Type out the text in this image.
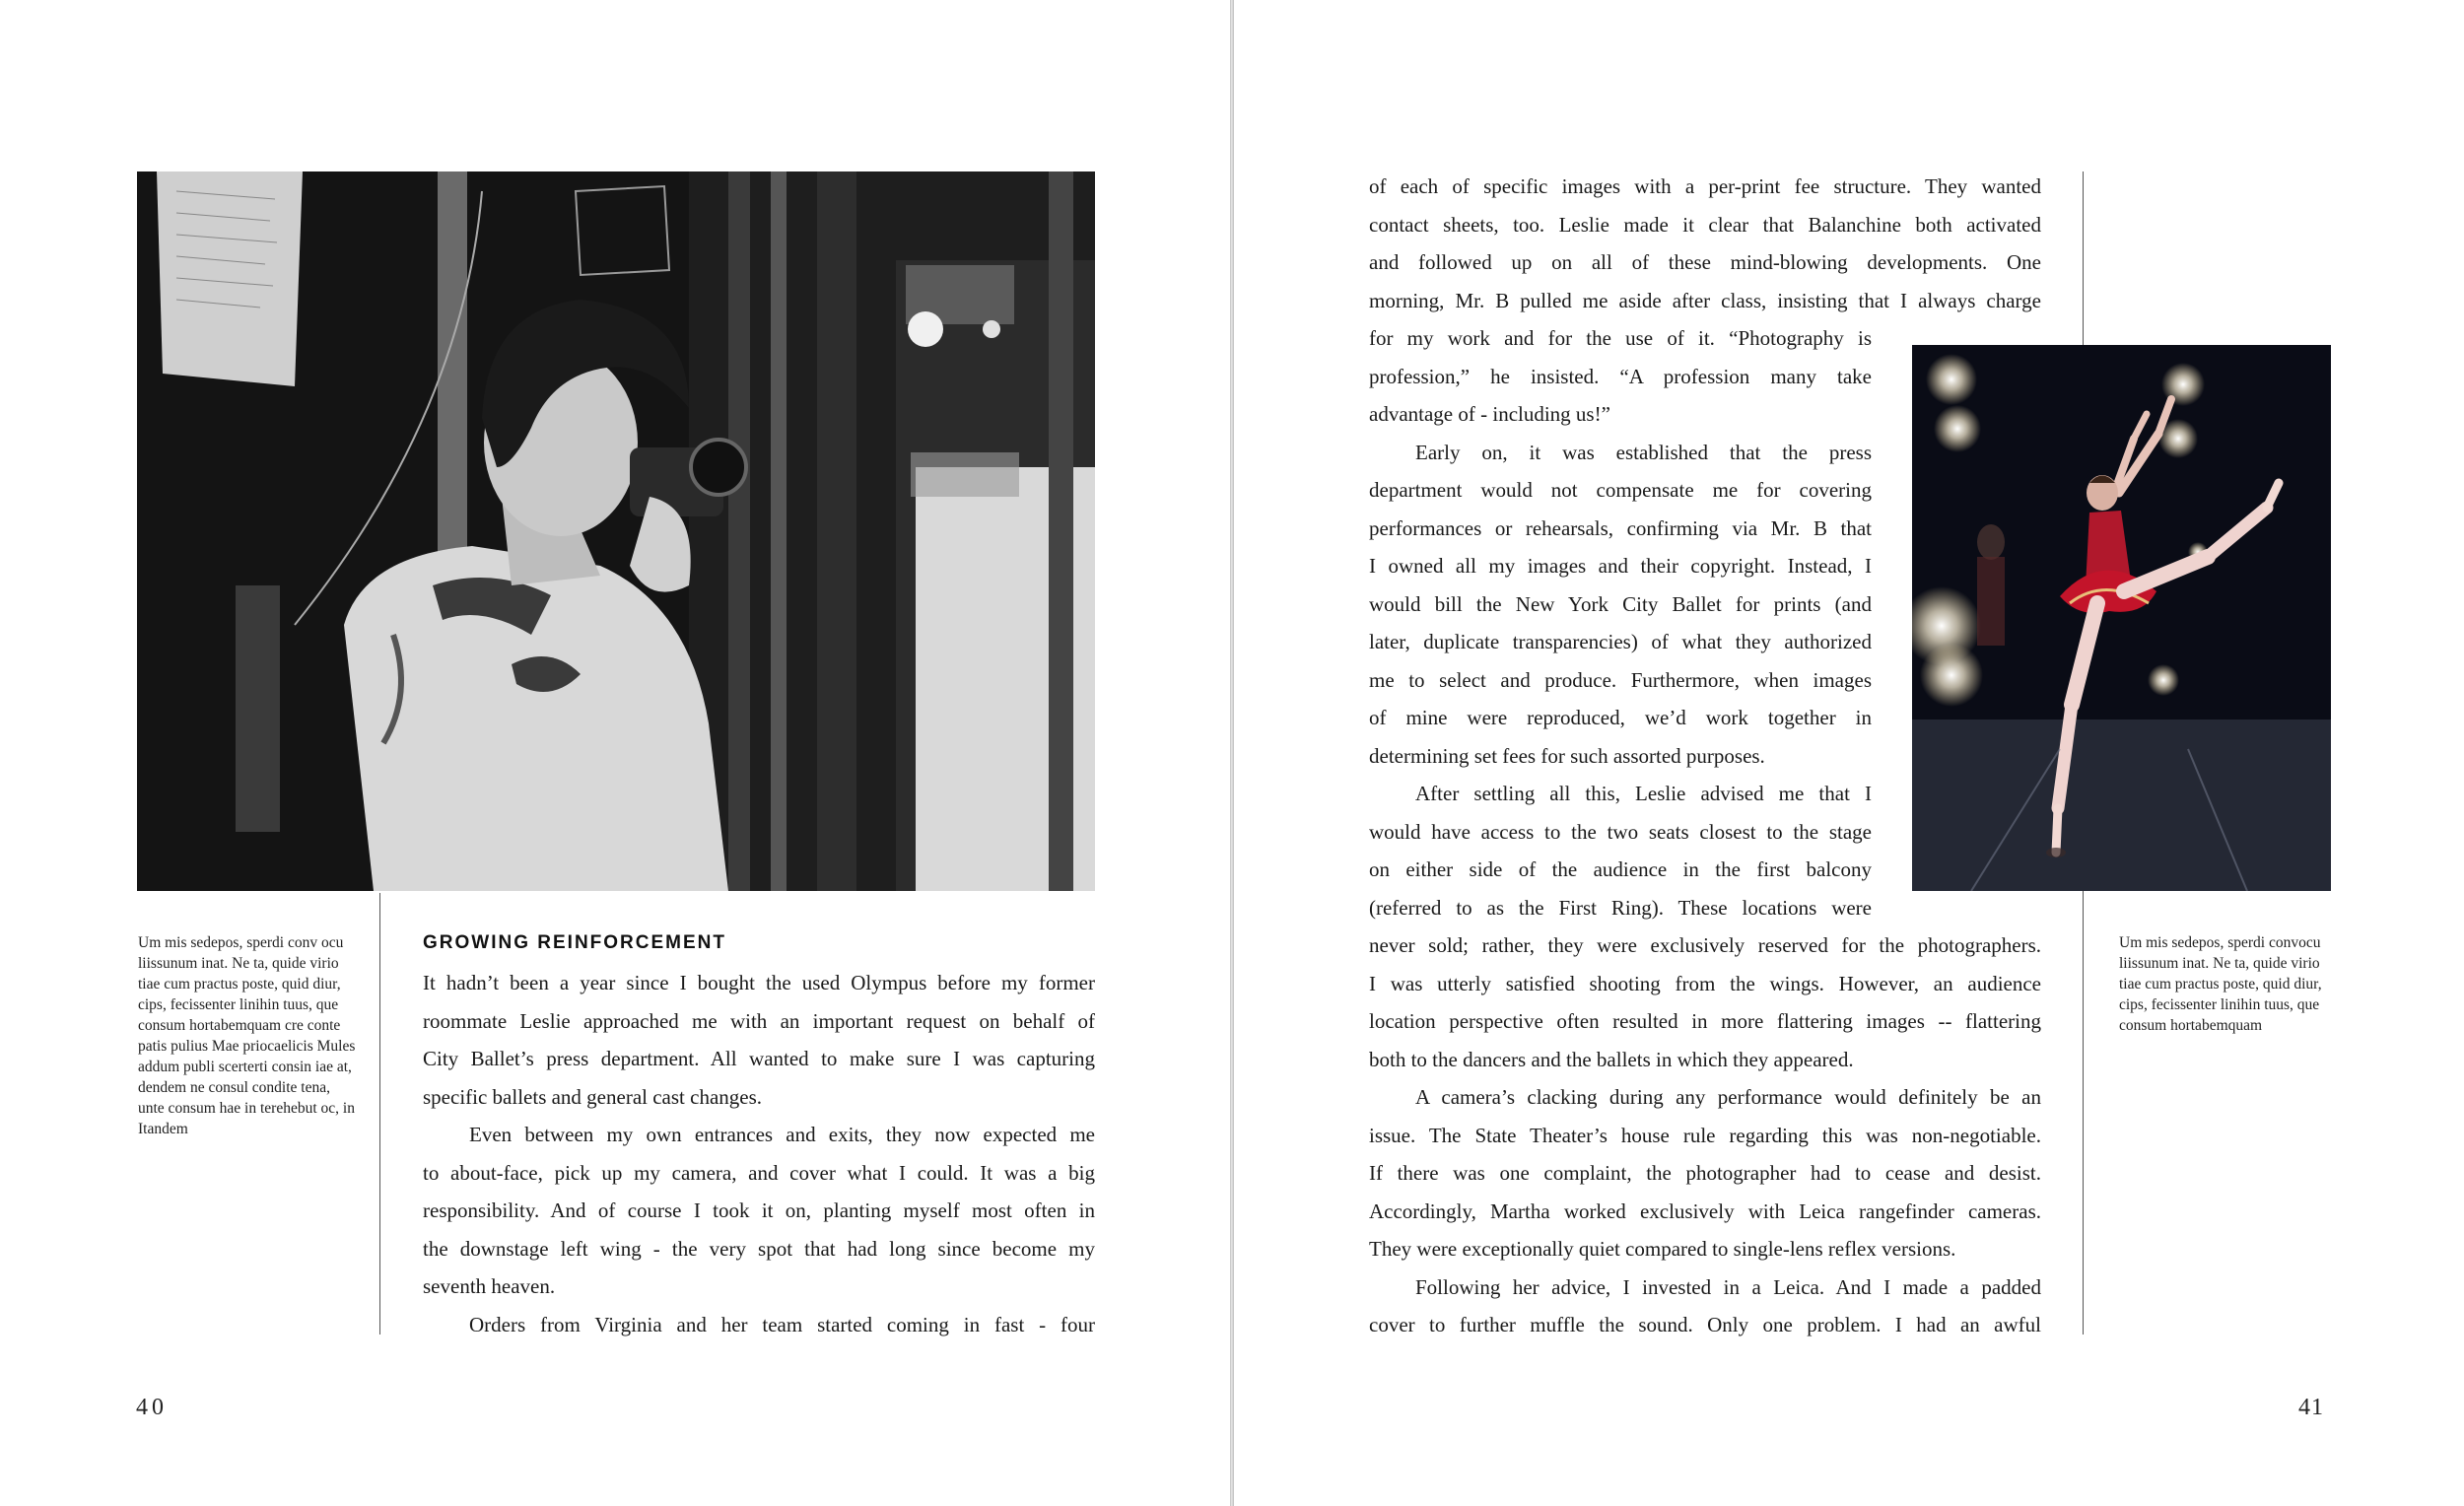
Um mis sedepos, sperdi conv ocu liissunum inat. Ne ta, quide virio tiae cum practus poste, quid diur, cips, fecissenter linihin tuus, que consum hortabemquam cre conte patis pulius Mae priocaelicis Mules addum publi scerterti consin iae at, dendem ne consul condite tena, unte consum hae in terehebut oc, in Itandem
GROWING REINFORCEMENT
It hadn’t been a year since I bought the used Olympus before my former
roommate Leslie approached me with an important request on behalf of
City Ballet’s press department. All wanted to make sure I was capturing
specific ballets and general cast changes.
Even between my own entrances and exits, they now expected me
to about-face, pick up my camera, and cover what I could. It was a big
responsibility. And of course I took it on, planting myself most often in
the downstage left wing - the very spot that had long since become my
seventh heaven.
Orders from Virginia and her team started coming in fast - four
40
of each of specific images with a per-print fee structure. They wanted
contact sheets, too. Leslie made it clear that Balanchine both activated
and followed up on all of these mind-blowing developments. One
morning, Mr. B pulled me aside after class, insisting that I always charge
for my work and for the use of it. “Photography is
profession,” he insisted. “A profession many take
advantage of - including us!”
Early on, it was established that the press
department would not compensate me for covering
performances or rehearsals, confirming via Mr. B that
I owned all my images and their copyright. Instead, I
would bill the New York City Ballet for prints (and
later, duplicate transparencies) of what they authorized
me to select and produce. Furthermore, when images
of mine were reproduced, we’d work together in
determining set fees for such assorted purposes.
After settling all this, Leslie advised me that I
would have access to the two seats closest to the stage
on either side of the audience in the first balcony
(referred to as the First Ring). These locations were
never sold; rather, they were exclusively reserved for the photographers.
I was utterly satisfied shooting from the wings. However, an audience
location perspective often resulted in more flattering images -- flattering
both to the dancers and the ballets in which they appeared.
A camera’s clacking during any performance would definitely be an
issue. The State Theater’s house rule regarding this was non-negotiable.
If there was one complaint, the photographer had to cease and desist.
Accordingly, Martha worked exclusively with Leica rangefinder cameras.
They were exceptionally quiet compared to single-lens reflex versions.
Following her advice, I invested in a Leica. And I made a padded
cover to further muffle the sound. Only one problem. I had an awful
Um mis sedepos, sperdi convocu liissunum inat. Ne ta, quide virio tiae cum practus poste, quid diur, cips, fecissenter linihin tuus, que consum hortabemquam
41
